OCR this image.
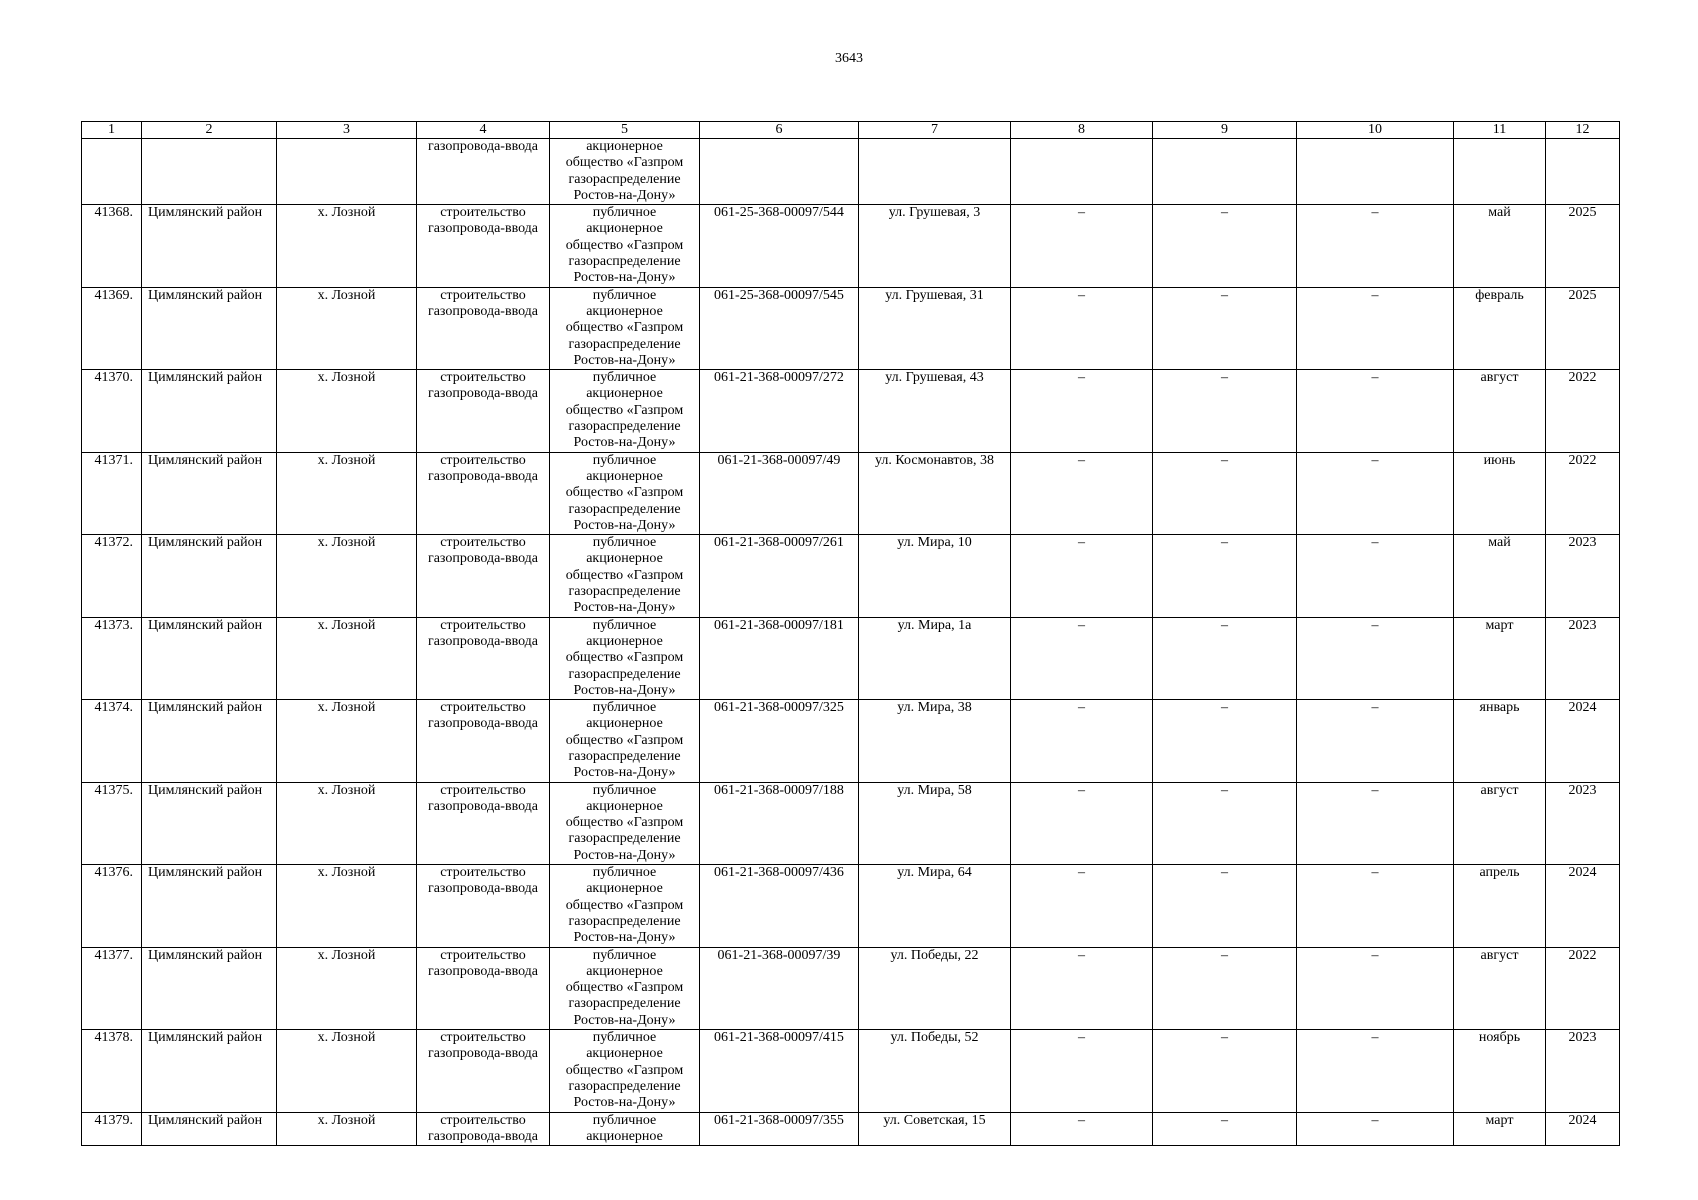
3643
1	2	3	4	5	6	7	8	9	10	11	12

			газопровода-ввода	акционерное
общество «Газпром
газораспределение
Ростов-на-Дону»							

41368.	Цимлянский район	х. Лозной	строительство
газопровода-ввода	публичное
акционерное
общество «Газпром
газораспределение
Ростов-на-Дону»	061-25-368-00097/544	ул. Грушевая, 3	–	–	–	май	2025
41369.	Цимлянский район	х. Лозной	строительство
газопровода-ввода	публичное
акционерное
общество «Газпром
газораспределение
Ростов-на-Дону»	061-25-368-00097/545	ул. Грушевая, 31	–	–	–	февраль	2025
41370.	Цимлянский район	х. Лозной	строительство
газопровода-ввода	публичное
акционерное
общество «Газпром
газораспределение
Ростов-на-Дону»	061-21-368-00097/272	ул. Грушевая, 43	–	–	–	август	2022
41371.	Цимлянский район	х. Лозной	строительство
газопровода-ввода	публичное
акционерное
общество «Газпром
газораспределение
Ростов-на-Дону»	061-21-368-00097/49	ул. Космонавтов, 38	–	–	–	июнь	2022
41372.	Цимлянский район	х. Лозной	строительство
газопровода-ввода	публичное
акционерное
общество «Газпром
газораспределение
Ростов-на-Дону»	061-21-368-00097/261	ул. Мира, 10	–	–	–	май	2023
41373.	Цимлянский район	х. Лозной	строительство
газопровода-ввода	публичное
акционерное
общество «Газпром
газораспределение
Ростов-на-Дону»	061-21-368-00097/181	ул. Мира, 1а	–	–	–	март	2023
41374.	Цимлянский район	х. Лозной	строительство
газопровода-ввода	публичное
акционерное
общество «Газпром
газораспределение
Ростов-на-Дону»	061-21-368-00097/325	ул. Мира, 38	–	–	–	январь	2024
41375.	Цимлянский район	х. Лозной	строительство
газопровода-ввода	публичное
акционерное
общество «Газпром
газораспределение
Ростов-на-Дону»	061-21-368-00097/188	ул. Мира, 58	–	–	–	август	2023
41376.	Цимлянский район	х. Лозной	строительство
газопровода-ввода	публичное
акционерное
общество «Газпром
газораспределение
Ростов-на-Дону»	061-21-368-00097/436	ул. Мира, 64	–	–	–	апрель	2024
41377.	Цимлянский район	х. Лозной	строительство
газопровода-ввода	публичное
акционерное
общество «Газпром
газораспределение
Ростов-на-Дону»	061-21-368-00097/39	ул. Победы, 22	–	–	–	август	2022
41378.	Цимлянский район	х. Лозной	строительство
газопровода-ввода	публичное
акционерное
общество «Газпром
газораспределение
Ростов-на-Дону»	061-21-368-00097/415	ул. Победы, 52	–	–	–	ноябрь	2023
41379.	Цимлянский район	х. Лозной	строительство
газопровода-ввода	публичное
акционерное	061-21-368-00097/355	ул. Советская, 15	–	–	–	март	2024
